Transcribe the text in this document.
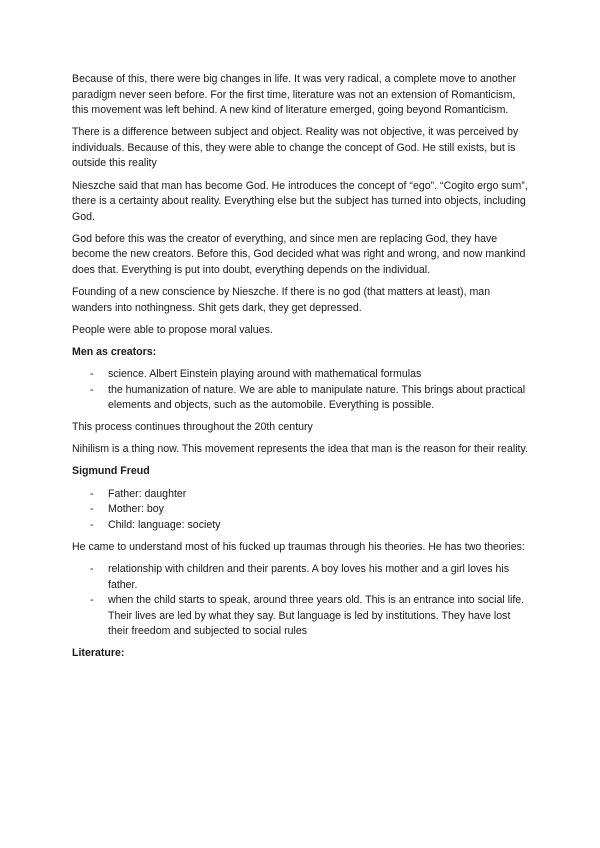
Because of this, there were big changes in life. It was very radical, a complete move to another paradigm never seen before. For the first time, literature was not an extension of Romanticism, this movement was left behind. A new kind of literature emerged, going beyond Romanticism.

There is a difference between subject and object. Reality was not objective, it was perceived by individuals. Because of this, they were able to change the concept of God. He still exists, but is outside this reality

Nieszche said that man has become God. He introduces the concept of “ego”. “Cogito ergo sum”, there is a certainty about reality. Everything else but the subject has turned into objects, including God.

God before this was the creator of everything, and since men are replacing God, they have become the new creators. Before this, God decided what was right and wrong, and now mankind does that. Everything is put into doubt, everything depends on the individual.

Founding of a new conscience by Nieszche. If there is no god (that matters at least), man wanders into nothingness. Shit gets dark, they get depressed.

People were able to propose moral values.

Men as creators:

- science. Albert Einstein playing around with mathematical formulas
- the humanization of nature. We are able to manipulate nature. This brings about practical elements and objects, such as the automobile. Everything is possible.

This process continues throughout the 20th century

Nihilism is a thing now. This movement represents the idea that man is the reason for their reality.

Sigmund Freud

- Father: daughter
- Mother: boy
- Child: language: society

He came to understand most of his fucked up traumas through his theories. He has two theories:

- relationship with children and their parents. A boy loves his mother and a girl loves his father.
- when the child starts to speak, around three years old. This is an entrance into social life. Their lives are led by what they say. But language is led by institutions. They have lost their freedom and subjected to social rules

Literature:
